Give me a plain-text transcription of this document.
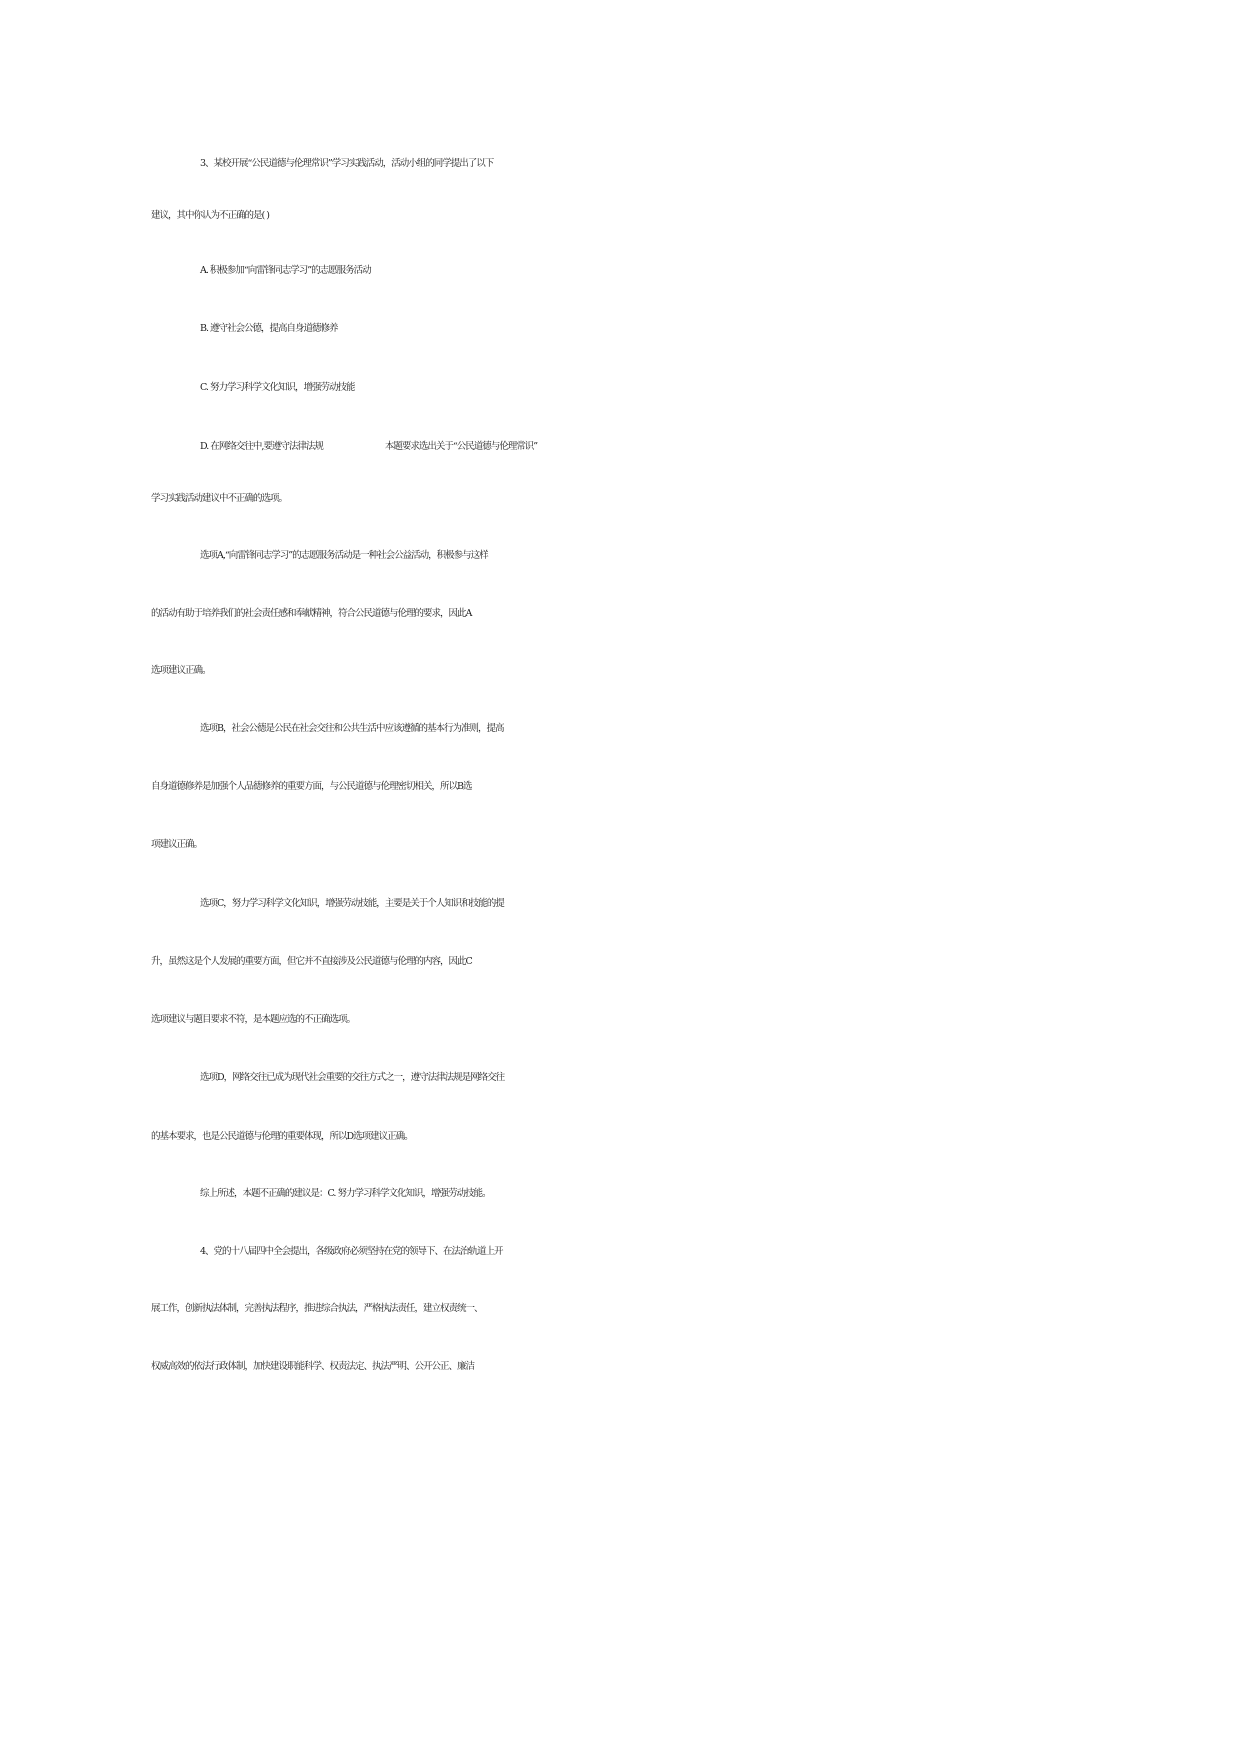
3、某校开展“公民道德与伦理常识”学习实践活动，活动小组的同学提出了以下
建议，其中你认为不正确的是( )
A. 积极参加“向雷锋同志学习”的志愿服务活动
B. 遵守社会公德，提高自身道德修养
C. 努力学习科学文化知识，增强劳动技能
D. 在网络交往中,要遵守法律法规	本题要求选出关于“公民道德与伦理常识”
学习实践活动建议中不正确的选项。
选项A,“向雷锋同志学习”的志愿服务活动是一种社会公益活动，积极参与这样
的活动有助于培养我们的社会责任感和奉献精神，符合公民道德与伦理的要求，因此A
选项建议正确。
选项B，社会公德是公民在社会交往和公共生活中应该遵循的基本行为准则，提高
自身道德修养是加强个人品德修养的重要方面，与公民道德与伦理密切相关，所以B选
项建议正确。
选项C，努力学习科学文化知识，增强劳动技能，主要是关于个人知识和技能的提
升，虽然这是个人发展的重要方面，但它并不直接涉及公民道德与伦理的内容，因此C
选项建议与题目要求不符，是本题应选的不正确选项。
选项D，网络交往已成为现代社会重要的交往方式之一，遵守法律法规是网络交往
的基本要求，也是公民道德与伦理的重要体现，所以D选项建议正确。
综上所述，本题不正确的建议是：C. 努力学习科学文化知识，增强劳动技能。
4、党的十八届四中全会提出，各级政府必须坚持在党的领导下、在法治轨道上开
展工作，创新执法体制，完善执法程序，推进综合执法，严格执法责任，建立权责统一、
权威高效的依法行政体制，加快建设职能科学、权责法定、执法严明、公开公正、廉洁
